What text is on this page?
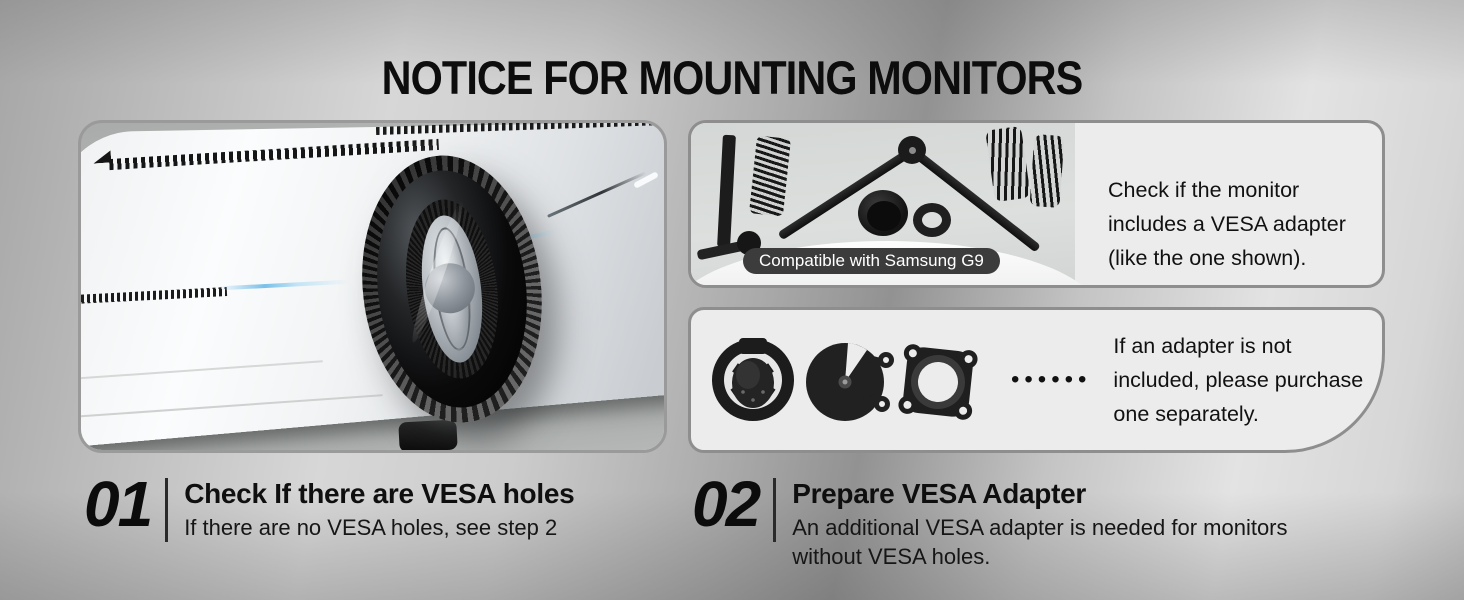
NOTICE FOR MOUNTING MONITORS
Compatible with Samsung G9
Check if the monitor
includes a VESA adapter
(like the one shown).
••••••
If an adapter is not
included, please purchase
one separately.
01 Check If there are VESA holes
If there are no VESA holes, see step 2 02 Prepare VESA Adapter
An additional VESA adapter is needed for monitors
without VESA holes.
